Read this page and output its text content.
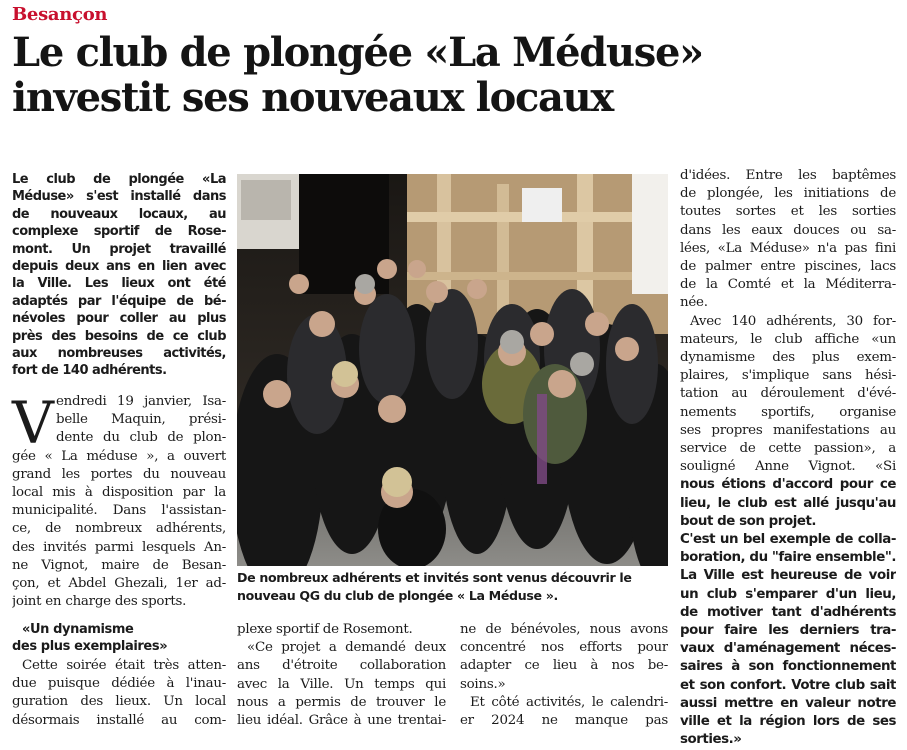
Besançon
Le club de plongée «La Méduse»
investit ses nouveaux locaux
Le club de plongée «La
Méduse» s'est installé dans
de nouveaux locaux, au
complexe sportif de Rose-
mont. Un projet travaillé
depuis deux ans en lien avec
la Ville. Les lieux ont été
adaptés par l'équipe de bé-
névoles pour coller au plus
près des besoins de ce club
aux nombreuses activités,
fort de 140 adhérents.
V endredi 19 janvier, Isa-
belle Maquin, prési-
dente du club de plon-
gée « La méduse », a ouvert
grand les portes du nouveau
local mis à disposition par la
municipalité. Dans l'assistan-
ce, de nombreux adhérents,
des invités parmi lesquels An-
ne Vignot, maire de Besan-
çon, et Abdel Ghezali, 1er ad-
joint en charge des sports.
«Un dynamisme
des plus exemplaires»
Cette soirée était très atten-
due puisque dédiée à l'inau-
guration des lieux. Un local
désormais installé au com-
De nombreux adhérents et invités sont venus découvrir le
nouveau QG du club de plongée « La Méduse ».
plexe sportif de Rosemont.
«Ce projet a demandé deux
ans d'étroite collaboration
avec la Ville. Un temps qui
nous a permis de trouver le
lieu idéal. Grâce à une trentai-
ne de bénévoles, nous avons
concentré nos efforts pour
adapter ce lieu à nos be-
soins.»
Et côté activités, le calendri-
er 2024 ne manque pas
d'idées. Entre les baptêmes
de plongée, les initiations de
toutes sortes et les sorties
dans les eaux douces ou sa-
lées, «La Méduse» n'a pas fini
de palmer entre piscines, lacs
de la Comté et la Méditerra-
née.
Avec 140 adhérents, 30 for-
mateurs, le club affiche «un
dynamisme des plus exem-
plaires, s'implique sans hési-
tation au déroulement d'évé-
nements sportifs, organise
ses propres manifestations au
service de cette passion», a
souligné Anne Vignot. «Si
nous étions d'accord pour ce
lieu, le club est allé jusqu'au
bout de son projet.
C'est un bel exemple de colla-
boration, du "faire ensemble".
La Ville est heureuse de voir
un club s'emparer d'un lieu,
de motiver tant d'adhérents
pour faire les derniers tra-
vaux d'aménagement néces-
saires à son fonctionnement
et son confort. Votre club sait
aussi mettre en valeur notre
ville et la région lors de ses
sorties.»
